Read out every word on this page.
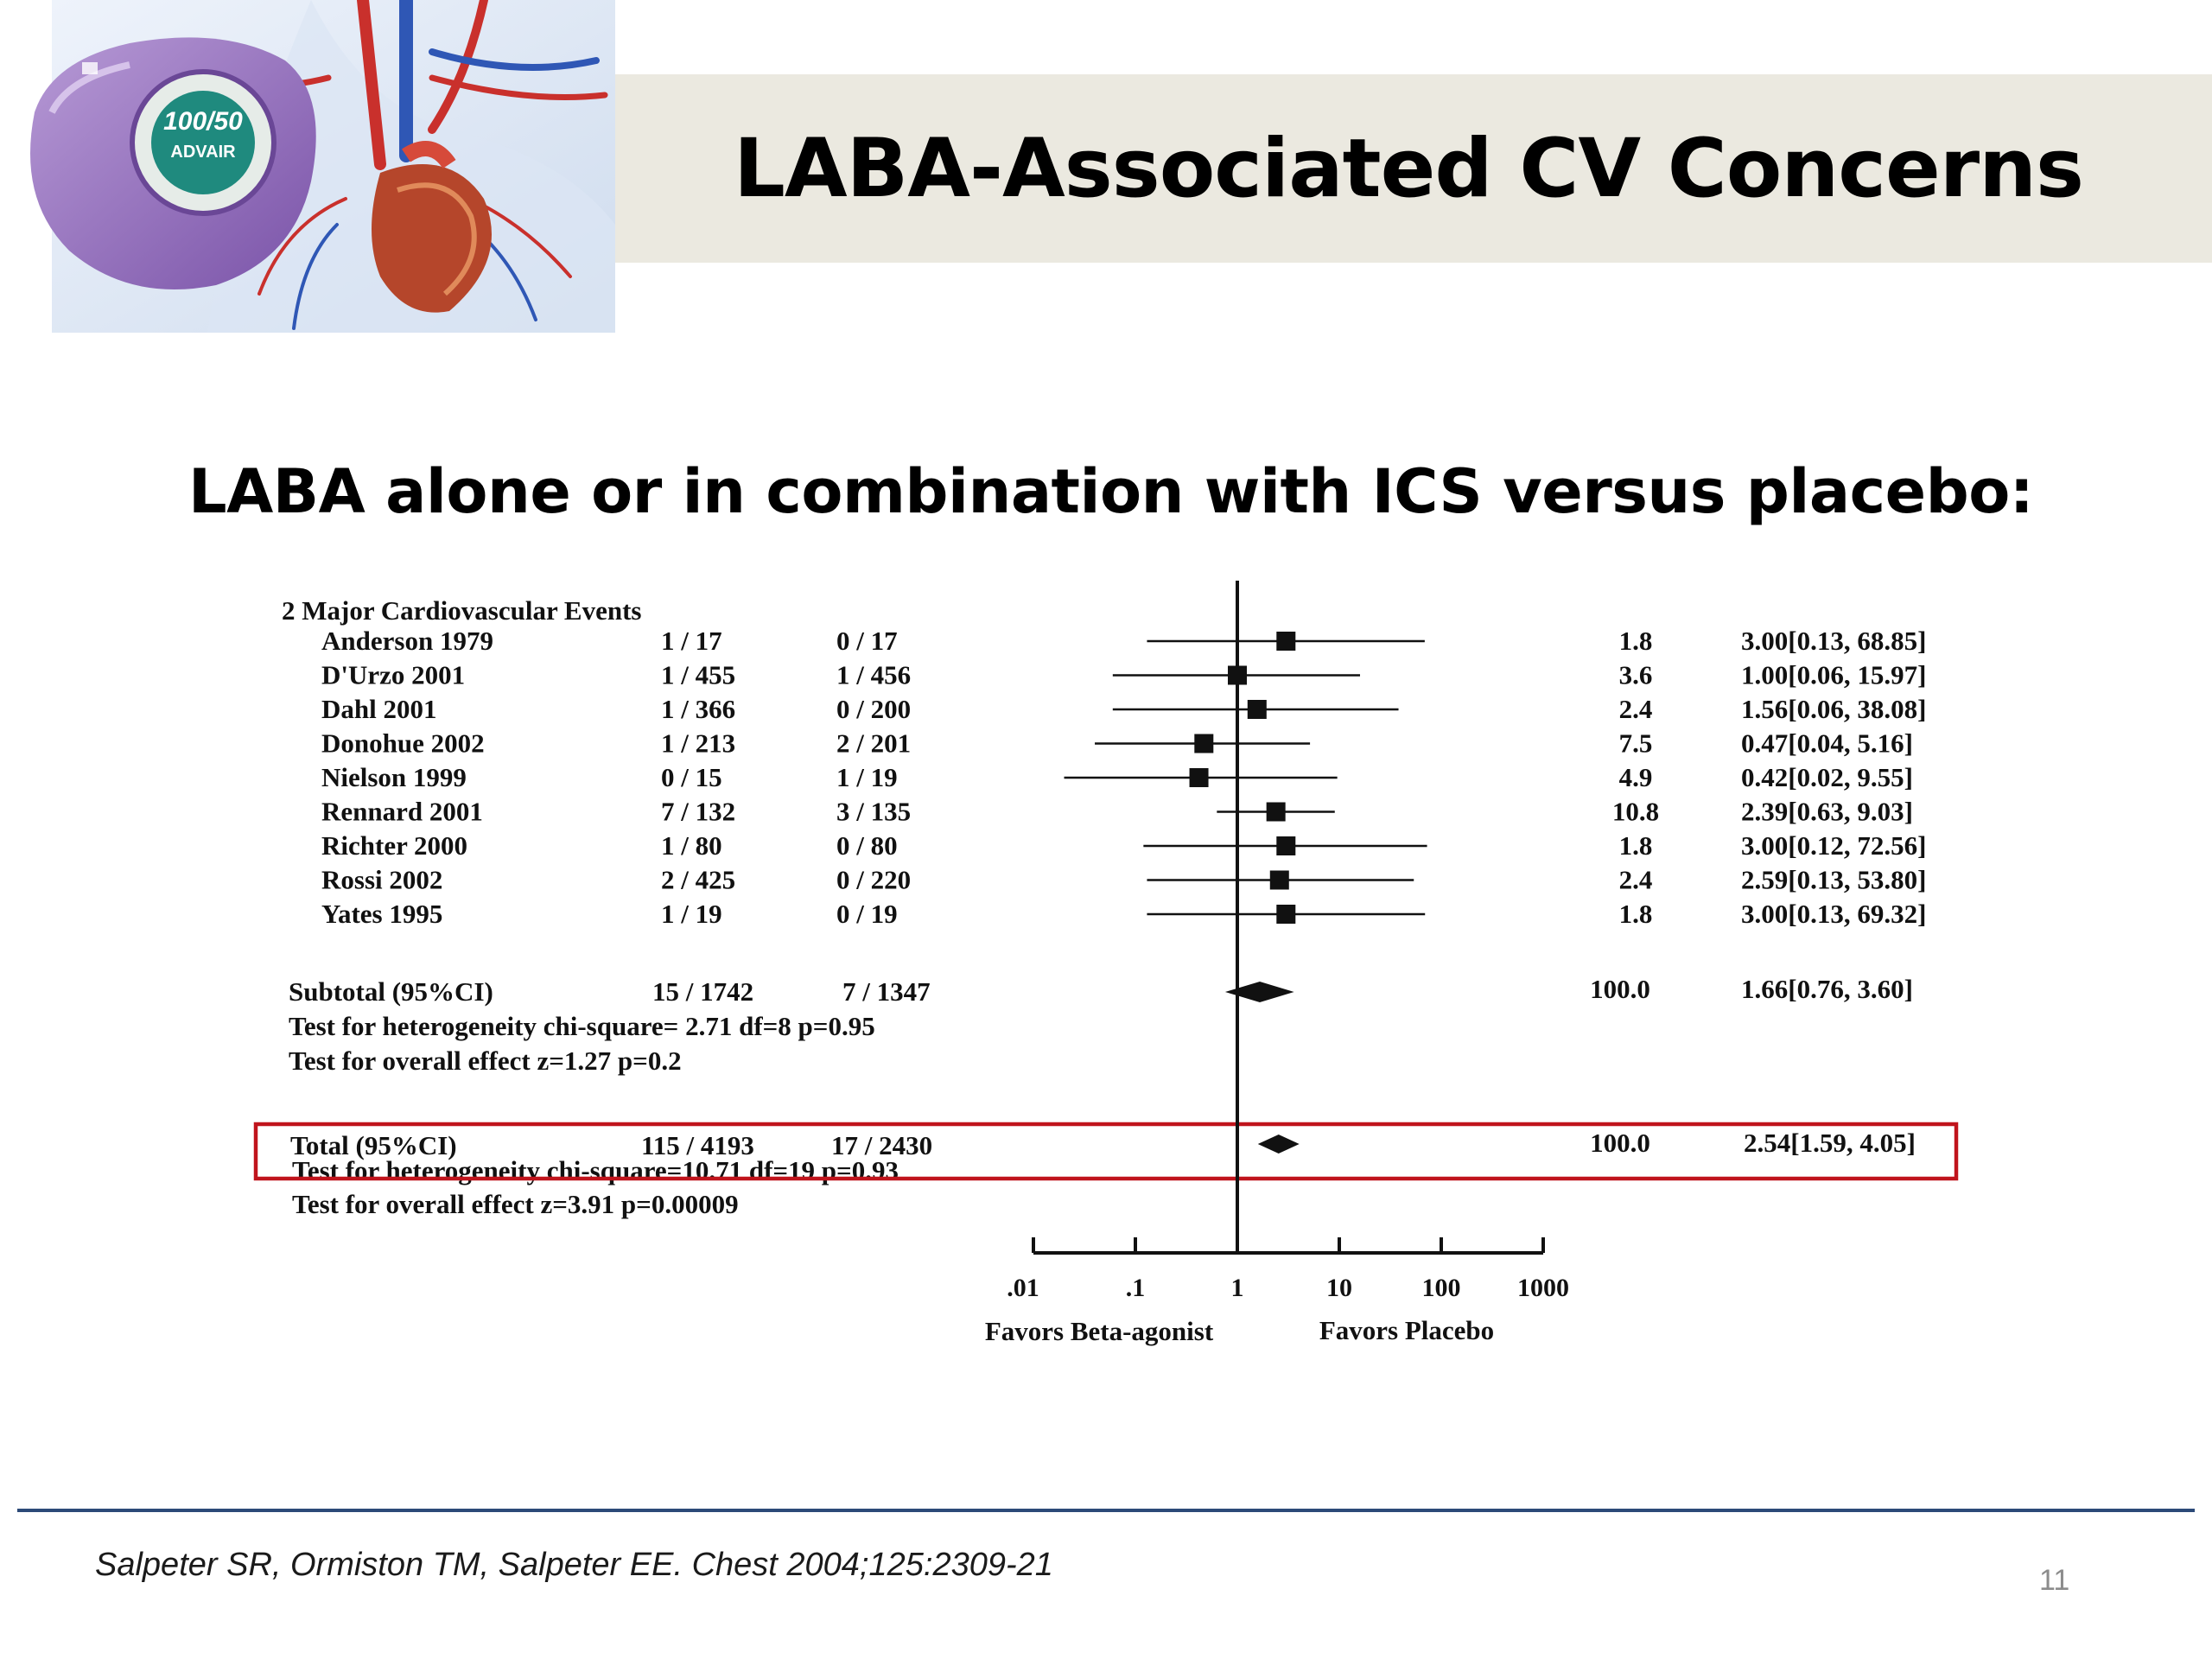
100/50
ADVAIR	LABA-Associated CV Concerns
LABA alone or in combination with ICS versus placebo:
2 Major Cardiovascular Events
Anderson 1979	1 / 17	0 / 17	1.8	3.00[0.13, 68.85]
D'Urzo 2001	1 / 455	1 / 456	3.6	1.00[0.06, 15.97]
Dahl 2001	1 / 366	0 / 200	2.4	1.56[0.06, 38.08]
Donohue 2002	1 / 213	2 / 201	7.5	0.47[0.04, 5.16]
Nielson 1999	0 / 15	1 / 19	4.9	0.42[0.02, 9.55]
Rennard 2001	7 / 132	3 / 135	10.8	2.39[0.63, 9.03]
Richter 2000	1 / 80	0 / 80	1.8	3.00[0.12, 72.56]
Rossi 2002	2 / 425	0 / 220	2.4	2.59[0.13, 53.80]
Yates 1995	1 / 19	0 / 19	1.8	3.00[0.13, 69.32]
Subtotal (95%CI)	15 / 1742	7 / 1347	100.0	1.66[0.76, 3.60]
Test for heterogeneity chi-square= 2.71 df=8 p=0.95
Test for overall effect z=1.27 p=0.2
Total (95%CI)	115 / 4193	17 / 2430	100.0	2.54[1.59, 4.05]
Test for heterogeneity chi-square=10.71 df=19 p=0.93
Test for overall effect z=3.91 p=0.00009
.01	.1	1	10	100 1000
Favors Beta-agonist	Favors Placebo
Salpeter SR, Ormiston TM, Salpeter EE. Chest 2004;125:2309-21	11
